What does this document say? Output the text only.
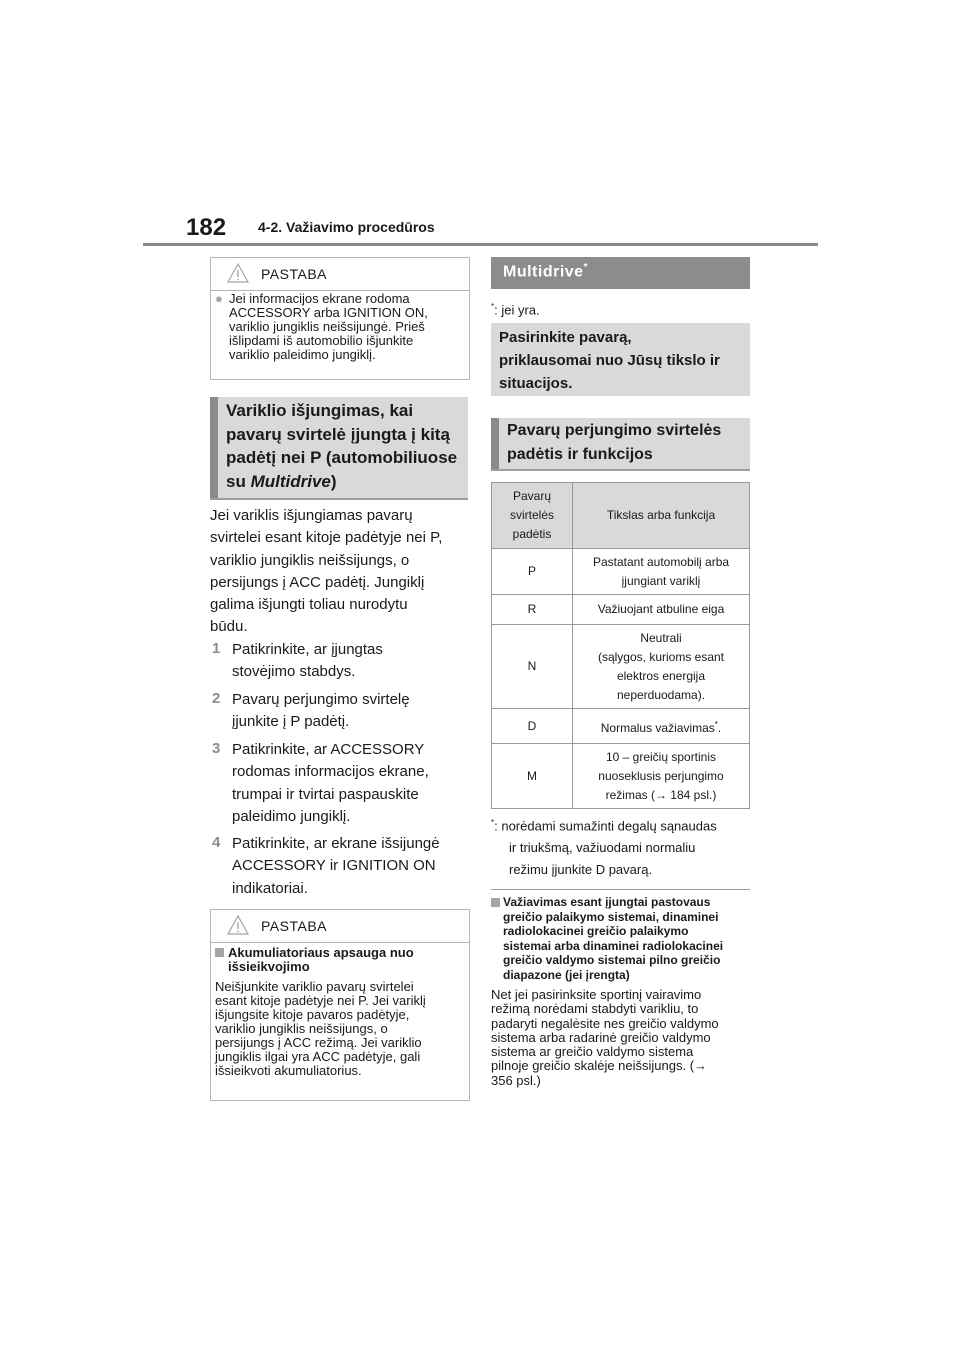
182 4-2. Važiavimo procedūros
PASTABA
● Jei informacijos ekrane rodoma
ACCESSORY arba IGNITION ON,
variklio jungiklis neišsijungė. Prieš
išlipdami iš automobilio išjunkite
variklio paleidimo jungiklį.
Variklio išjungimas, kai
pavarų svirtelė įjungta į kitą
padėtį nei P (automobiliuose
su Multidrive)
Jei variklis išjungiamas pavarų
svirtelei esant kitoje padėtyje nei P,
variklio jungiklis neišsijungs, o
persijungs į ACC padėtį. Jungiklį
galima išjungti toliau nurodytu
būdu.
1 Patikrinkite, ar įjungtas
stovėjimo stabdys.
2 Pavarų perjungimo svirtelę
įjunkite į P padėtį.
3 Patikrinkite, ar ACCESSORY
rodomas informacijos ekrane,
trumpai ir tvirtai paspauskite
paleidimo jungiklį.
4 Patikrinkite, ar ekrane išsijungė
ACCESSORY ir IGNITION ON
indikatoriai.
PASTABA
Akumuliatoriaus apsauga nuo
išsieikvojimo
Neišjunkite variklio pavarų svirtelei
esant kitoje padėtyje nei P. Jei variklį
išjungsite kitoje pavaros padėtyje,
variklio jungiklis neišsijungs, o
persijungs į ACC režimą. Jei variklio
jungiklis ilgai yra ACC padėtyje, gali
išsieikvoti akumuliatorius.
Multidrive*
*: jei yra.
Pasirinkite pavarą,
priklausomai nuo Jūsų tikslo ir
situacijos.
Pavarų perjungimo svirtelės
padėtis ir funkcijos
Pavarų
svirtelės
padėtis	Tikslas arba funkcija
P	Pastatant automobilį arba
įjungiant variklį

R	Važiuojant atbuline eiga
N	Neutrali
(sąlygos, kurioms esant
elektros energija
neperduodama).

D	Normalus važiavimas*.
M	10 – greičių sportinis
nuoseklusis perjungimo
režimas (→ 184 psl.)
*: norėdami sumažinti degalų sąnaudas
ir triukšmą, važiuodami normaliu
režimu įjunkite D pavarą.
Važiavimas esant įjungtai pastovaus
greičio palaikymo sistemai, dinaminei
radiolokacinei greičio palaikymo
sistemai arba dinaminei radiolokacinei
greičio valdymo sistemai pilno greičio
diapazone (jei įrengta)
Net jei pasirinksite sportinį vairavimo
režimą norėdami stabdyti varikliu, to
padaryti negalėsite nes greičio valdymo
sistema arba radarinė greičio valdymo
sistema ar greičio valdymo sistema
pilnoje greičio skalėje neišsijungs. (→
356 psl.)
